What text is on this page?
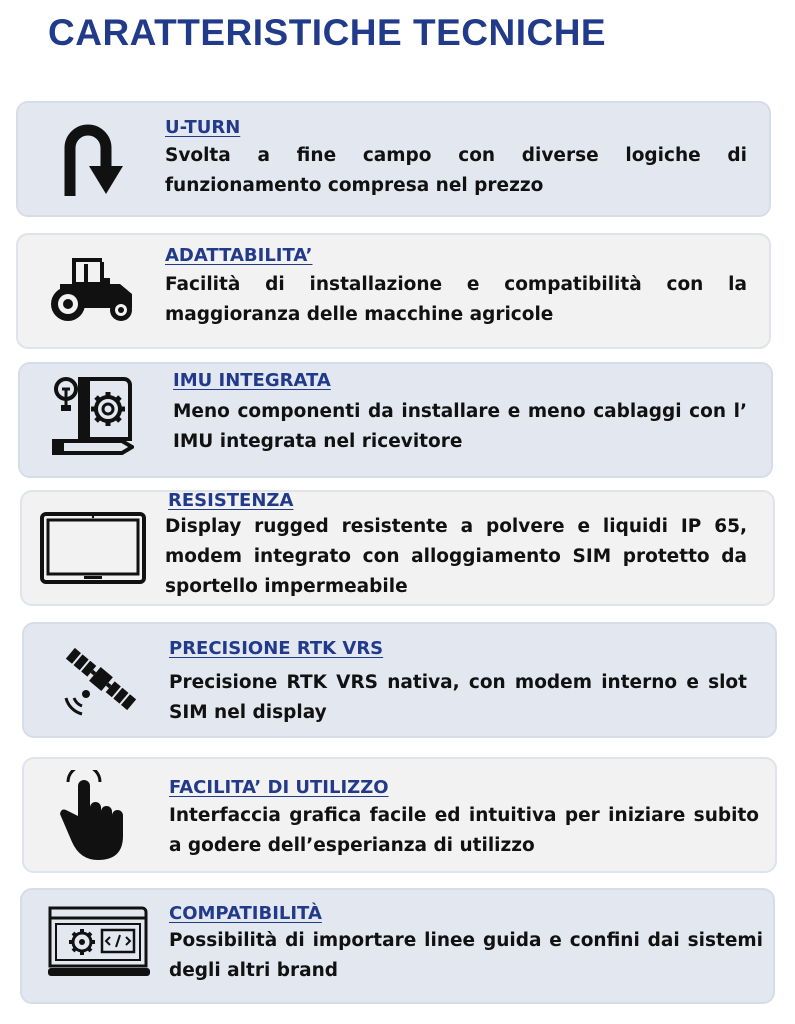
CARATTERISTICHE TECNICHE
U-TURN

Svolta a fine campo con diverse logiche di funzionamento compresa nel prezzo

ADATTABILITA’

Facilità di installazione e compatibilità con la maggioranza delle macchine agricole

IMU INTEGRATA

Meno componenti da installare e meno cablaggi con l’ IMU integrata nel ricevitore

RESISTENZA

Display rugged resistente a polvere e liquidi IP 65, modem integrato con alloggiamento SIM protetto da sportello impermeabile

PRECISIONE RTK VRS

Precisione RTK VRS nativa, con modem interno e slot SIM nel display

FACILITA’ DI UTILIZZO

Interfaccia grafica facile ed intuitiva per iniziare subito a godere dell’esperianza di utilizzo

COMPATIBILITÀ

Possibilità di importare linee guida e confini dai sistemi degli altri brand
